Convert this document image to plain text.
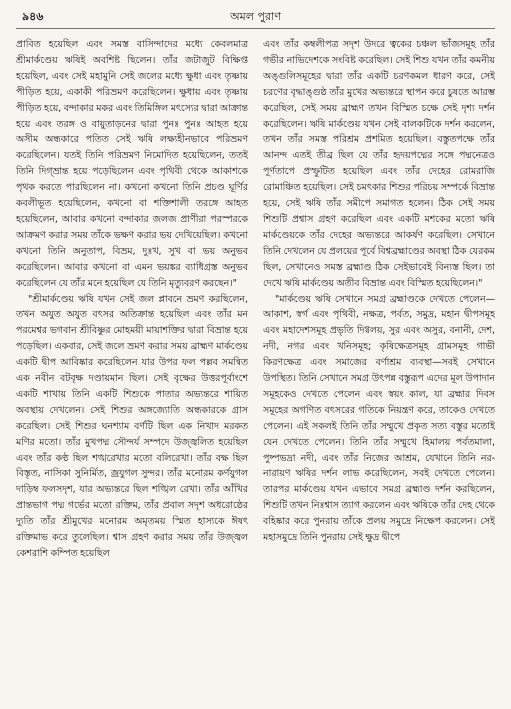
৯৪৬	অমল পুরাণ

প্রাবিত হয়েছিল এবং সমস্ত বাসিন্দাদের মধ্যে কেবলমাত্র শ্রীমার্কণ্ডেয় ঋষিই অবশিষ্ট ছিলেন। তাঁর জটাজুট বিক্ষিপ্ত হয়েছিল, এবং সেই মহামুনি সেই জলের মধ্যে ক্ষুধা এবং তৃষ্ণায় পীড়িত হয়ে, একাকী পরিভ্রমণ করেছিলেন। ক্ষুধায় এবং তৃষ্ণায় পীড়িত হয়ে, বন্দাকার মকর এবং তিমিঙ্গিল মৎস্যের দ্বারা আক্রান্ত হয়ে এবং তরঙ্গ ও বায়ুতাড়নের দ্বারা পুনঃ পুনঃ আহত হয়ে অসীম অন্ধকারে পতিত সেই ঋষি লক্ষ্যহীনভাবে পরিভ্রমণ করেছিলেন। যতই তিনি পরিভ্রমণ নিমোদিত হয়েছিলেন, ততই তিনি দিগ্ভ্রান্ত হয়ে পড়েছিলেন এবং পৃথিবী থেকে আকাশকে পৃথক করতে পারছিলেন না। কখনো কখনো তিনি প্রচণ্ড ঘূর্ণির কবলীভূত হয়েছিলেন, কখনো বা শক্তিশালী তরঙ্গে আহত হয়েছিলেন, আবার কখনো বন্দাকার জলজ প্রাণীরা পরস্পরকে আক্রমণ করার সময় তাঁকে ভক্ষণ করার ভয় দেখিয়েছিল। কখনো কখনো তিনি অনুতাপ, বিভ্রম, দুঃখ, সুখ বা ভয় অনুভব করেছিলেন। আবার কখনো বা এমন ভয়ঙ্কর ব্যাধিগ্রস্ত অনুভব করেছিলেন যে তাঁর মনে হয়েছিল যে তিনি মৃত্যুবরণ করছেন।"

"শ্রীমার্কণ্ডেয় ঋষি যখন সেই জল প্লাবনে ভ্রমণ করছিলেন, তখন অযুত অযুত বৎসর অতিক্রান্ত হয়েছিল এবং তাঁর মন পরমেশ্বর ভগবান শ্রীবিষ্ণুর মোহময়ী মায়াশক্তির দ্বারা বিভ্রান্ত হয়ে পড়েছিল। একবার, সেই জলে ভ্রমণ করার সময় ব্রাহ্মণ মার্কণ্ডেয় একটি দ্বীপ আবিষ্কার করেছিলেন যার উপর ফল পল্লব সমন্বিত এক নবীন বটবৃক্ষ দণ্ডায়মান ছিল। সেই বৃক্ষের উত্তরপূর্বাংশে একটি শাখায় তিনি একটি শিশুকে পাতার অভ্যন্তরে শায়িত অবস্থায় দেখলেন। সেই শিশুর অঙ্গজ্যোতি অন্ধকারকে গ্রাস করেছিল। সেই শিশুর ঘনশ্যাম বর্ণটি ছিল এক নিখাদ মরকত মণির মতো। তাঁর মুখপদ্ম সৌন্দর্য সম্পদে উজ্জ্বলিত হয়েছিল এবং তাঁর কণ্ঠ ছিল শঙ্খরেখার মতো বলিরেখা। তাঁর বক্ষ ছিল বিস্তৃত, নাসিকা সুনির্মিত, জ্রযুগল সুন্দর। তাঁর মনোরম কর্ণযুগল দাড়িম্ব ফলসদৃশ, যার অভ্যন্তরে ছিল শঙ্খিল রেখা। তাঁর আঁখির প্রান্তভাগ পদ্ম গর্ভের মতো রক্তিম, তাঁর প্রবাল সদৃশ অধরোষ্ঠের দ্যুতি তাঁর শ্রীমুখের মনোরম অমৃতময় স্মিত হাস্যকে ঈষৎ রক্তিমাভ করে তুলেছিল। শ্বাস গ্রহণ করার সময় তাঁর উজ্জ্বল কেশরাশি কম্পিত হয়েছিল

এবং তাঁর কম্বলীপত্র সদৃশ উদরে ত্বকের চঞ্চল ভাঁজসমূহ তাঁর গভীর নাভিদেশকে সংবিষ্ট করেছিল। সেই শিশু যখন তাঁর কমনীয় অঙ্গুলিসমূহের দ্বারা তাঁর একটি চরণকমল ধারণ করে, সেই চরণের বৃদ্ধাঙ্গুষ্ঠ তাঁর মুখের অভ্যন্তরে স্থাপন করে চুষতে আরম্ভ করেছিল, সেই সময় ব্রাহ্মণ তখন বিস্মিত চক্ষে সেই দৃশ্য দর্শন করেছিলেন। ঋষি মার্কণ্ডেয় যখন সেই বালকটিকে দর্শন করলেন, তখন তাঁর সমস্ত পরিশ্রম প্রশমিত হয়েছিল। বস্তুতপক্ষে তাঁর আনন্দ এতই তীব্র ছিল যে তাঁর হৃদয়পদ্মের সঙ্গে পদ্মনেত্রও পূর্ণতাপে প্রস্ফুটিত হয়েছিল এবং তাঁর দেহের রোমরাজি রোমাঞ্চিত হয়েছিল। সেই চমৎকার শিশুর পরিচয় সম্পর্কে বিভ্রান্ত হয়ে, সেই ঋষি তাঁর সমীপে সমাগত হলেন। ঠিক সেই সময় শিশুটি প্রশ্বাস গ্রহণ করেছিল এবং একটি মশকের মতো ঋষি মার্কণ্ডেয়কে তাঁর দেহের অভ্যন্তরে আকর্ষণ করেছিল। সেখানে তিনি দেখলেন যে প্রলয়ের পূর্বে বিশ্বব্রহ্মাণ্ডের অবস্থা ঠিক যেরকম ছিল, সেখানেও সমস্ত ব্রহ্মাণ্ড ঠিক সেইভাবেই বিন্যস্ত ছিল। তা দেখে ঋষি মার্কণ্ডেয় অতীব বিভ্রান্ত এবং বিস্মিত হয়েছিলেন।"

"মার্কণ্ডেয় ঋষি সেখানে সমগ্র ব্রহ্মাণ্ডকে দেখতে পেলেন—আকাশ, স্বর্গ এবং পৃথিবী, নক্ষত্র, পর্বত, সমুদ্র, মহান দ্বীপসমূহ এবং মহাদেশসমূহ প্রভৃতি দিগ্বলয়, সুর এবং অসুর, বনানী, দেশ, নদী, নগর এবং খনিসমূহ; কৃষিক্ষেত্রসমূহ গ্রামসমূহ গাভী কিরণক্ষেত্র এবং সমাজের বর্ণাশ্রম ব্যবস্থা—সবই সেখানে উপস্থিত। তিনি সেখানে সমগ্র উৎপন্ন বস্তুরূপ এদের মূল উপাদান সমূহকেও দেখতে পেলেন এবং স্বয়ং কাল, যা ব্রহ্মার দিবস সমূহের অগণিত বৎসরের গতিকে নিয়ন্ত্রণ করে, তাকেও দেখতে পেলেন। এই সকলই তিনি তাঁর সম্মুখে প্রকৃত সত্য বস্তুর মতোই যেন দেখতে পেলেন। তিনি তাঁর সম্মুখে হিমালয় পর্বতমালা, পুষ্পভদ্রা নদী, এবং তাঁর নিজের আশ্রম, যেখানে তিনি নর-নারায়ণ ঋষির দর্শন লাভ করেছিলেন, সবই দেখতে পেলেন। তারপর মার্কণ্ডেয় যখন এভাবে সমগ্র ব্রহ্মাণ্ড দর্শন করছিলেন, শিশুটি তখন নিঃশ্বাস ত্যাগ করলেন এবং ঋষিকে তাঁর দেহ থেকে বহিষ্কার করে পুনরায় তাঁকে প্রলয় সমুদ্রে নিক্ষেপ করলেন। সেই মহাসমুদ্রে তিনি পুনরায় সেই ক্ষুদ্র দ্বীপে
